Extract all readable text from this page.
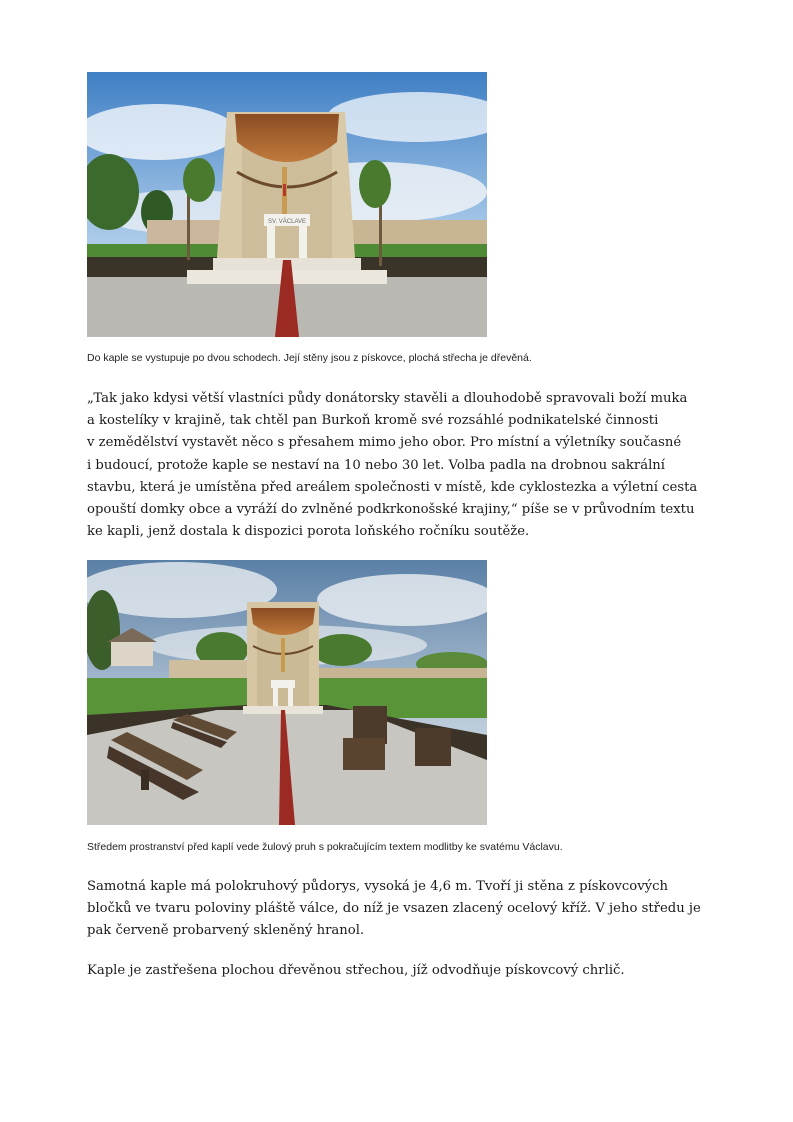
SV. VÁCLAVE

Do kaple se vystupuje po dvou schodech. Její stěny jsou z pískovce, plochá střecha je dřevěná.

„Tak jako kdysi větší vlastníci půdy donátorsky stavěli a dlouhodobě spravovali boží muka
a kostelíky v krajině, tak chtěl pan Burkoň kromě své rozsáhlé podnikatelské činnosti
v zemědělství vystavět něco s přesahem mimo jeho obor. Pro místní a výletníky současné
i budoucí, protože kaple se nestaví na 10 nebo 30 let. Volba padla na drobnou sakrální
stavbu, která je umístěna před areálem společnosti v místě, kde cyklostezka a výletní cesta
opouští domky obce a vyráží do zvlněné podkrkonošské krajiny,“ píše se v průvodním textu
ke kapli, jenž dostala k dispozici porota loňského ročníku soutěže.

Středem prostranství před kaplí vede žulový pruh s pokračujícím textem modlitby ke svatému Václavu.

Samotná kaple má polokruhový půdorys, vysoká je 4,6 m. Tvoří ji stěna z pískovcových
bločků ve tvaru poloviny pláště válce, do níž je vsazen zlacený ocelový kříž. V jeho středu je
pak červeně probarvený skleněný hranol.
Kaple je zastřešena plochou dřevěnou střechou, jíž odvodňuje pískovcový chrlič.
